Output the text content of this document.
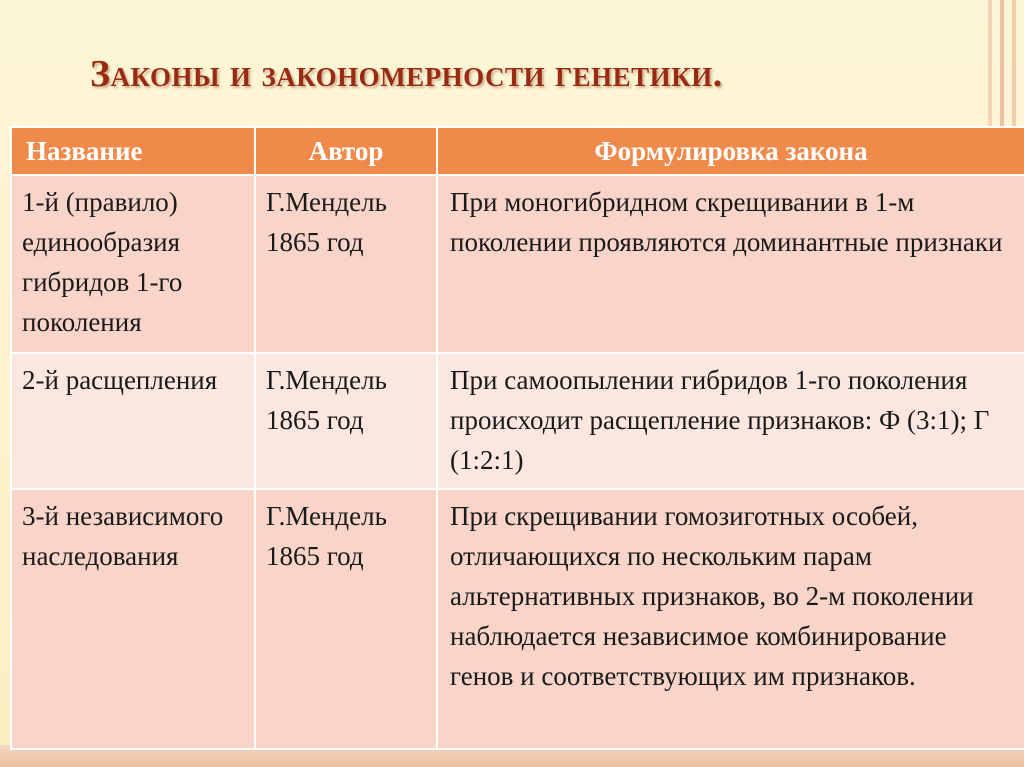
Законы и закономерности генетики.
Название	Автор	Формулировка закона

1-й (правило) единообразия гибридов 1-го поколения	Г.Мендель 1865 год	При моногибридном скрещивании в 1-м поколении проявляются доминантные признаки

2-й расщепления	Г.Мендель 1865 год	При самоопылении гибридов 1-го поколения происходит расщепление признаков: Ф (3:1); Г (1:2:1)

3-й независимого наследования	Г.Мендель 1865 год	При скрещивании гомозиготных особей, отличающихся по нескольким парам альтернативных признаков, во 2-м поколении наблюдается независимое комбинирование генов и соответствующих им признаков.
